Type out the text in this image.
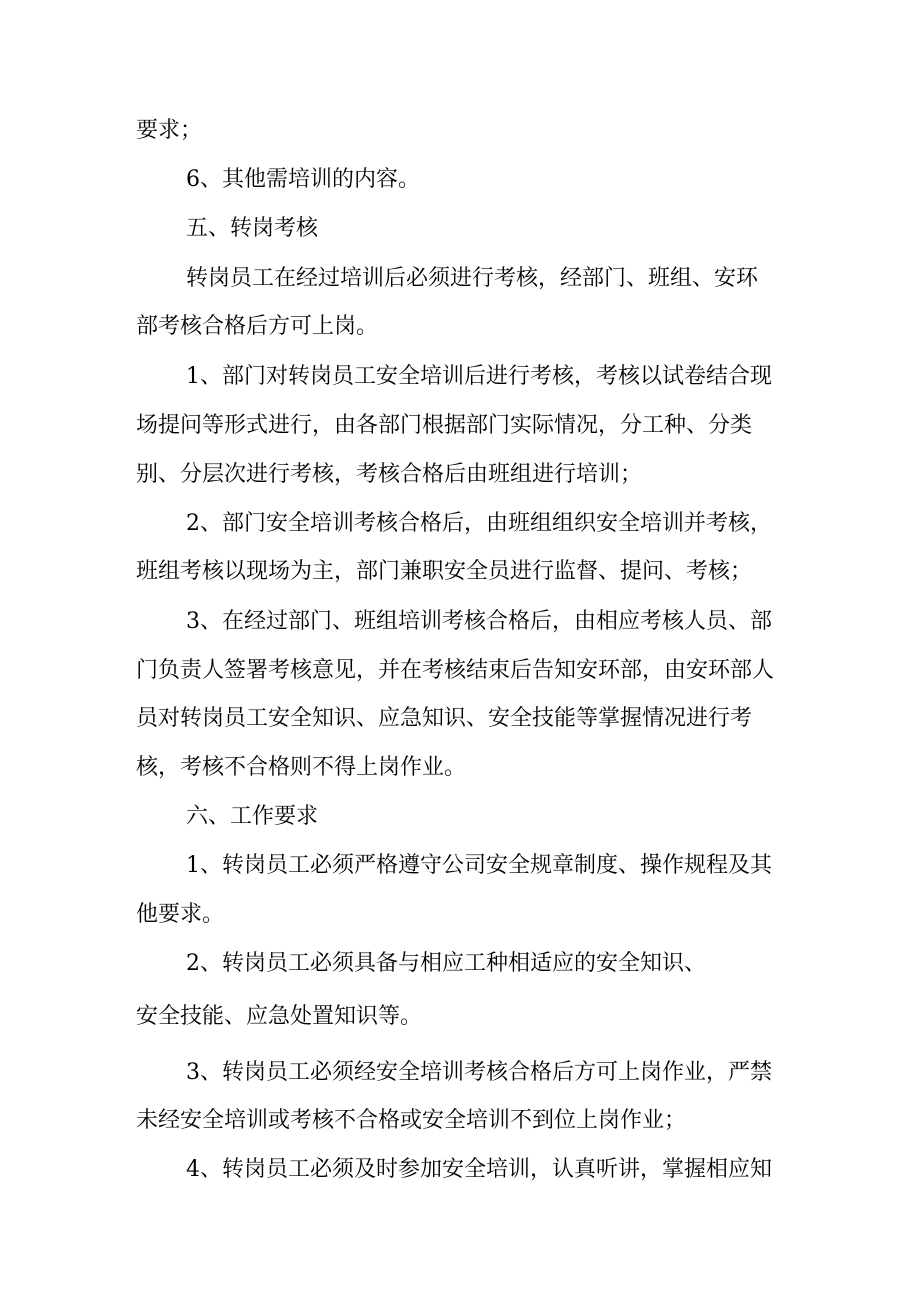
要求；
6、其他需培训的内容。
五、转岗考核
转岗员工在经过培训后必须进行考核，经部门、班组、安环
部考核合格后方可上岗。
1、部门对转岗员工安全培训后进行考核，考核以试卷结合现
场提问等形式进行，由各部门根据部门实际情况，分工种、分类
别、分层次进行考核，考核合格后由班组进行培训；
2、部门安全培训考核合格后，由班组组织安全培训并考核，
班组考核以现场为主，部门兼职安全员进行监督、提问、考核；
3、在经过部门、班组培训考核合格后，由相应考核人员、部
门负责人签署考核意见，并在考核结束后告知安环部，由安环部人
员对转岗员工安全知识、应急知识、安全技能等掌握情况进行考
核，考核不合格则不得上岗作业。
六、工作要求
1、转岗员工必须严格遵守公司安全规章制度、操作规程及其
他要求。
2、转岗员工必须具备与相应工种相适应的安全知识、
安全技能、应急处置知识等。
3、转岗员工必须经安全培训考核合格后方可上岗作业，严禁
未经安全培训或考核不合格或安全培训不到位上岗作业；
4、转岗员工必须及时参加安全培训，认真听讲，掌握相应知
